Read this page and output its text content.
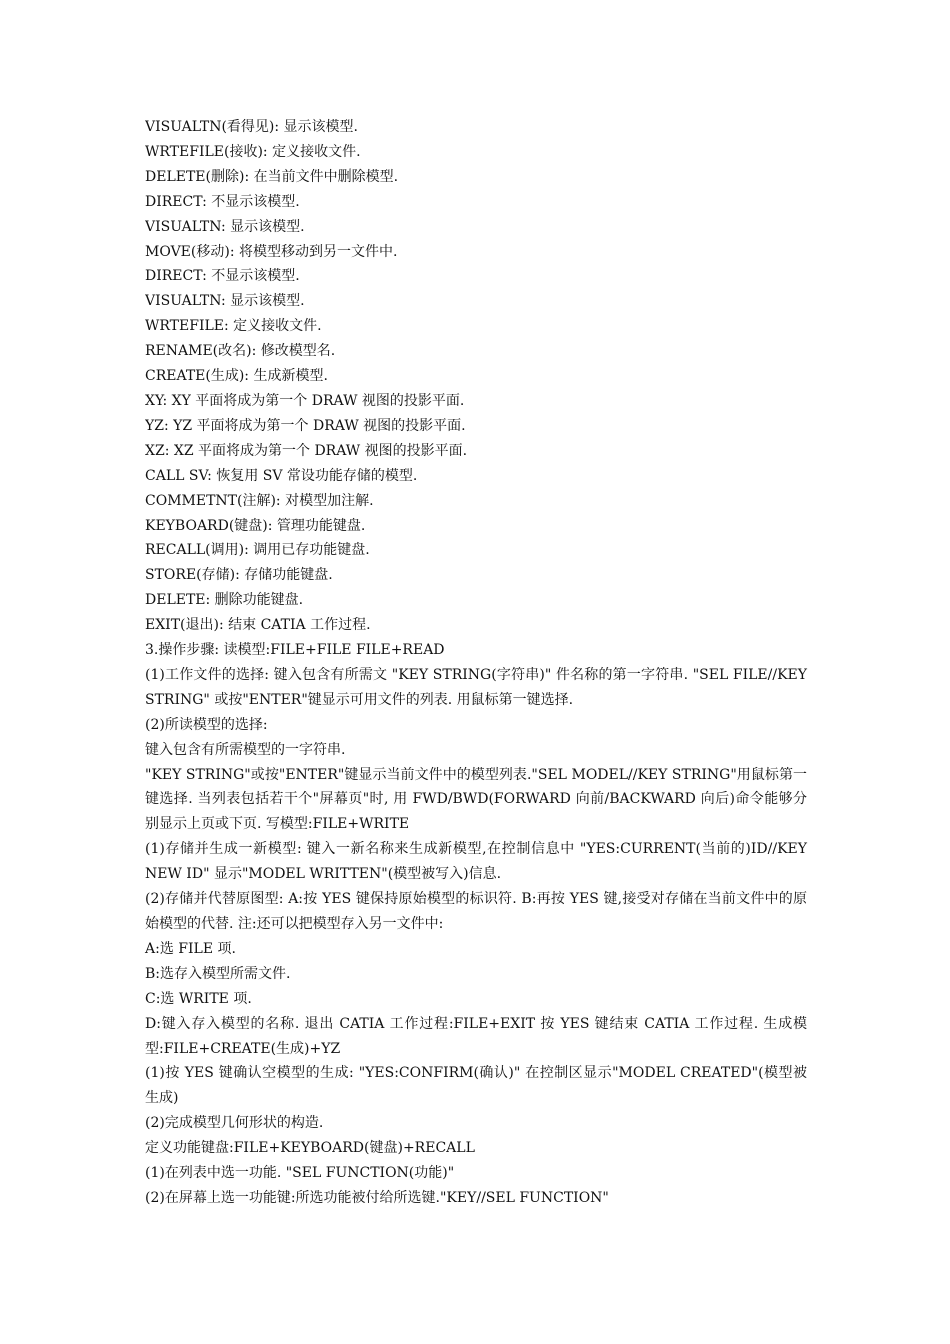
VISUALTN(看得见): 显示该模型.
WRTEFILE(接收): 定义接收文件.
DELETE(删除): 在当前文件中删除模型.
DIRECT: 不显示该模型.
VISUALTN: 显示该模型.
MOVE(移动): 将模型移动到另一文件中.
DIRECT: 不显示该模型.
VISUALTN: 显示该模型.
WRTEFILE: 定义接收文件.
RENAME(改名): 修改模型名.
CREATE(生成): 生成新模型.
XY: XY 平面将成为第一个 DRAW 视图的投影平面.
YZ: YZ 平面将成为第一个 DRAW 视图的投影平面.
XZ: XZ 平面将成为第一个 DRAW 视图的投影平面.
CALL SV: 恢复用 SV 常设功能存储的模型.
COMMETNT(注解): 对模型加注解.
KEYBOARD(键盘): 管理功能键盘.
RECALL(调用): 调用已存功能键盘.
STORE(存储): 存储功能键盘.
DELETE: 删除功能键盘.
EXIT(退出): 结束 CATIA 工作过程.
3.操作步骤: 读模型:FILE+FILE FILE+READ
(1)工作文件的选择: 键入包含有所需文 "KEY STRING(字符串)" 件名称的第一字符串. "SEL FILE//KEY STRING" 或按"ENTER"键显示可用文件的列表. 用鼠标第一键选择.
(2)所读模型的选择:
键入包含有所需模型的一字符串.
"KEY STRING"或按"ENTER"键显示当前文件中的模型列表."SEL MODEL//KEY STRING"用鼠标第一键选择. 当列表包括若干个"屏幕页"时, 用 FWD/BWD(FORWARD 向前/BACKWARD 向后)命令能够分别显示上页或下页. 写模型:FILE+WRITE
(1)存储并生成一新模型: 键入一新名称来生成新模型,在控制信息中 "YES:CURRENT(当前的)ID//KEY NEW ID" 显示"MODEL WRITTEN"(模型被写入)信息.
(2)存储并代替原图型: A:按 YES 键保持原始模型的标识符. B:再按 YES 键,接受对存储在当前文件中的原始模型的代替. 注:还可以把模型存入另一文件中:
A:选 FILE 项.
B:选存入模型所需文件.
C:选 WRITE 项.
D:键入存入模型的名称. 退出 CATIA 工作过程:FILE+EXIT 按 YES 键结束 CATIA 工作过程. 生成模型:FILE+CREATE(生成)+YZ
(1)按 YES 键确认空模型的生成: "YES:CONFIRM(确认)" 在控制区显示"MODEL CREATED"(模型被生成)
(2)完成模型几何形状的构造.
定义功能键盘:FILE+KEYBOARD(键盘)+RECALL
(1)在列表中选一功能. "SEL FUNCTION(功能)"
(2)在屏幕上选一功能键:所选功能被付给所选键."KEY//SEL FUNCTION"
